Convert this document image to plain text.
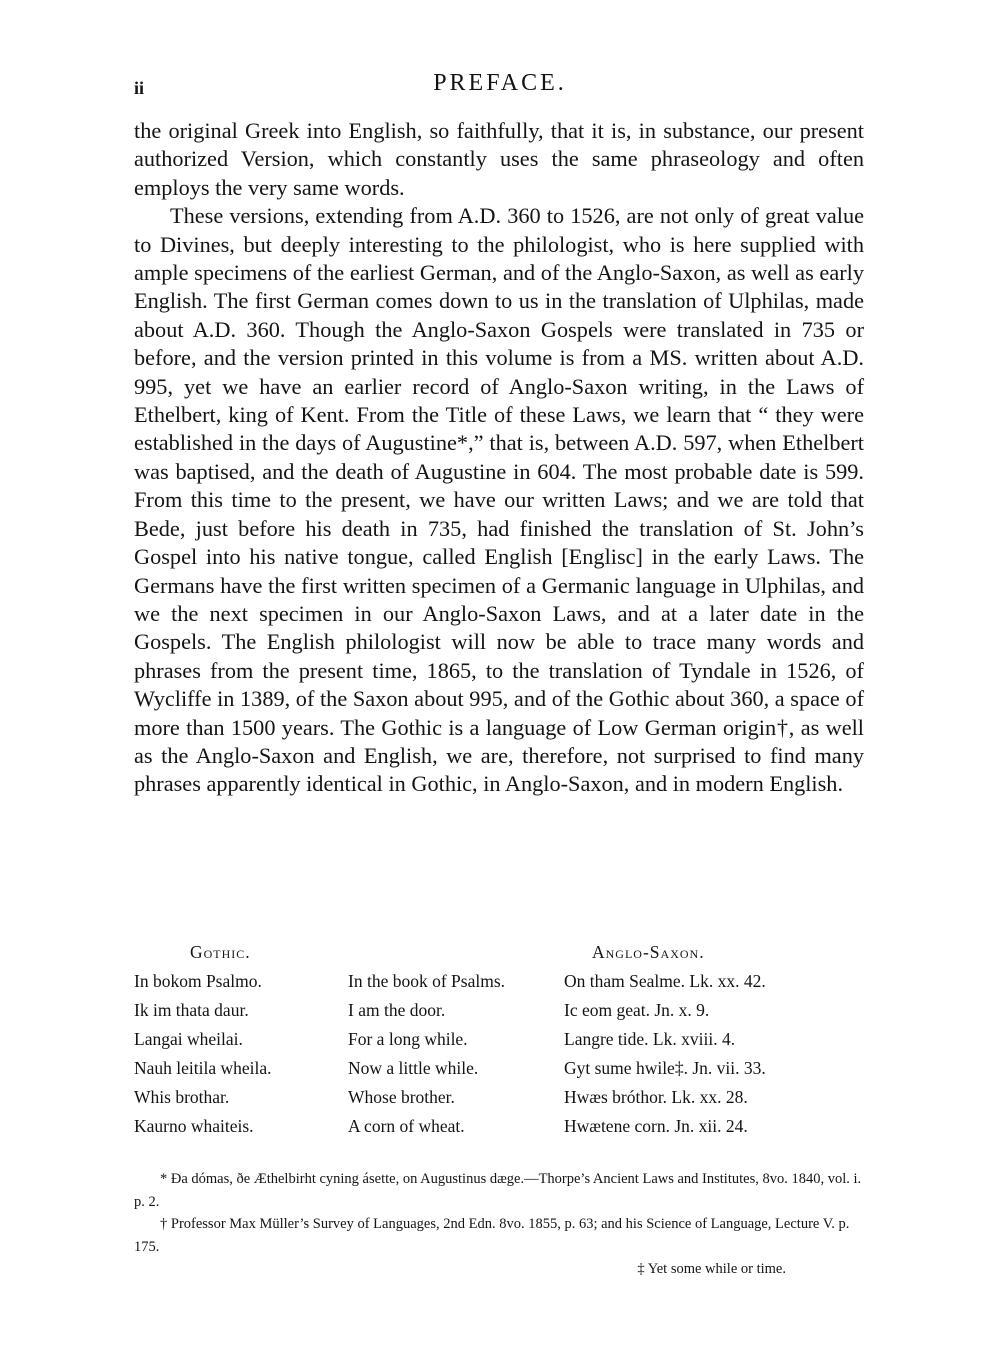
ii	PREFACE.

the original Greek into English, so faithfully, that it is, in substance, our present authorized Version, which constantly uses the same phraseology and often employs the very same words.

These versions, extending from A.D. 360 to 1526, are not only of great value to Divines, but deeply interesting to the philologist, who is here supplied with ample specimens of the earliest German, and of the Anglo-Saxon, as well as early English. The first German comes down to us in the translation of Ulphilas, made about A.D. 360. Though the Anglo-Saxon Gospels were translated in 735 or before, and the version printed in this volume is from a MS. written about A.D. 995, yet we have an earlier record of Anglo-Saxon writing, in the Laws of Ethelbert, king of Kent. From the Title of these Laws, we learn that “ they were established in the days of Augustine*,” that is, between A.D. 597, when Ethelbert was baptised, and the death of Augustine in 604. The most probable date is 599. From this time to the present, we have our written Laws; and we are told that Bede, just before his death in 735, had finished the translation of St. John’s Gospel into his native tongue, called English [Englisc] in the early Laws. The Germans have the first written specimen of a Germanic language in Ulphilas, and we the next specimen in our Anglo-Saxon Laws, and at a later date in the Gospels. The English philologist will now be able to trace many words and phrases from the present time, 1865, to the translation of Tyndale in 1526, of Wycliffe in 1389, of the Saxon about 995, and of the Gothic about 360, a space of more than 1500 years. The Gothic is a language of Low German origin†, as well as the Anglo-Saxon and English, we are, therefore, not surprised to find many phrases apparently identical in Gothic, in Anglo-Saxon, and in modern English.

Gothic.		Anglo-Saxon.
In bokom Psalmo.	In the book of Psalms.	On tham Sealme. Lk. xx. 42.
Ik im thata daur.	I am the door.	Ic eom geat. Jn. x. 9.
Langai wheilai.	For a long while.	Langre tide. Lk. xviii. 4.
Nauh leitila wheila.	Now a little while.	Gyt sume hwile‡. Jn. vii. 33.
Whis brothar.	Whose brother.	Hwæs bróthor. Lk. xx. 28.
Kaurno whaiteis.	A corn of wheat.	Hwætene corn. Jn. xii. 24.

* Ða dómas, ðe Æthelbirht cyning ásette, on Augustinus dæge.—Thorpe’s Ancient Laws and Institutes, 8vo. 1840, vol. i. p. 2.

† Professor Max Müller’s Survey of Languages, 2nd Edn. 8vo. 1855, p. 63; and his Science of Language, Lecture V. p. 175.

‡ Yet some while or time.
